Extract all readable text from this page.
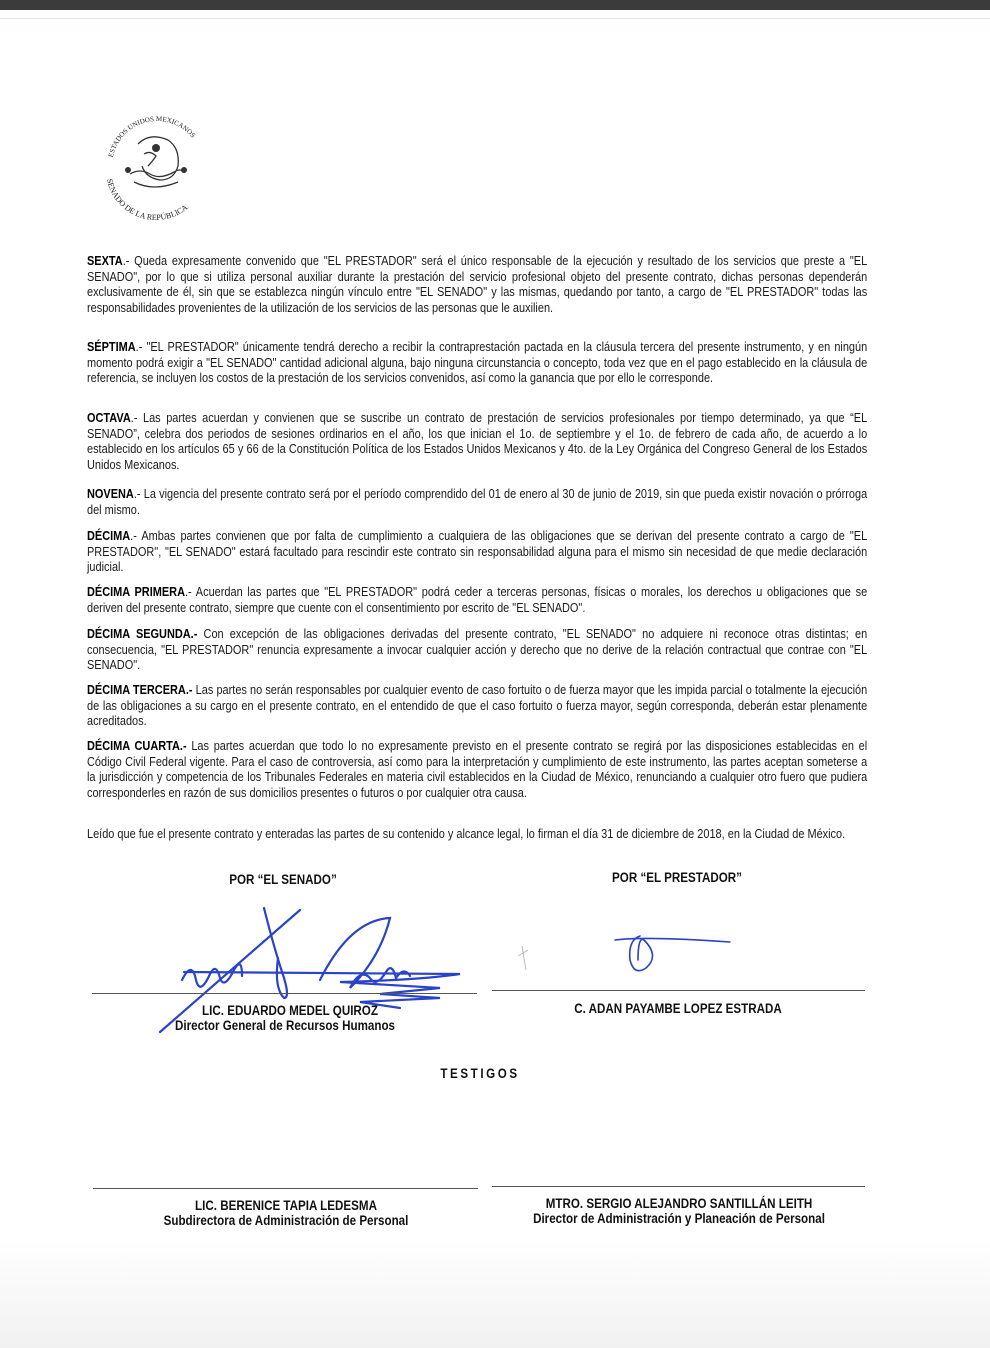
ESTADOS UNIDOS MEXICANOS
SENADO DE LA REPÚBLICA
SEXTA.- Queda expresamente convenido que "EL PRESTADOR" será el único responsable de la ejecución y resultado de los servicios que preste a "EL SENADO", por lo que si utiliza personal auxiliar durante la prestación del servicio profesional objeto del presente contrato, dichas personas dependerán exclusivamente de él, sin que se establezca ningún vínculo entre "EL SENADO" y las mismas, quedando por tanto, a cargo de "EL PRESTADOR" todas las responsabilidades provenientes de la utilización de los servicios de las personas que le auxilien.
SÉPTIMA.- "EL PRESTADOR" únicamente tendrá derecho a recibir la contraprestación pactada en la cláusula tercera del presente instrumento, y en ningún momento podrá exigir a "EL SENADO" cantidad adicional alguna, bajo ninguna circunstancia o concepto, toda vez que en el pago establecido en la cláusula de referencia, se incluyen los costos de la prestación de los servicios convenidos, así como la ganancia que por ello le corresponde.
OCTAVA.- Las partes acuerdan y convienen que se suscribe un contrato de prestación de servicios profesionales por tiempo determinado, ya que “EL SENADO”, celebra dos periodos de sesiones ordinarios en el año, los que inician el 1o. de septiembre y el 1o. de febrero de cada año, de acuerdo a lo establecido en los artículos 65 y 66 de la Constitución Política de los Estados Unidos Mexicanos y 4to. de la Ley Orgánica del Congreso General de los Estados Unidos Mexicanos.
NOVENA.- La vigencia del presente contrato será por el período comprendido del 01 de enero al 30 de junio de 2019, sin que pueda existir novación o prórroga del mismo.
DÉCIMA.- Ambas partes convienen que por falta de cumplimiento a cualquiera de las obligaciones que se derivan del presente contrato a cargo de "EL PRESTADOR", "EL SENADO" estará facultado para rescindir este contrato sin responsabilidad alguna para el mismo sin necesidad de que medie declaración judicial.
DÉCIMA PRIMERA.- Acuerdan las partes que "EL PRESTADOR" podrá ceder a terceras personas, físicas o morales, los derechos u obligaciones que se deriven del presente contrato, siempre que cuente con el consentimiento por escrito de "EL SENADO".
DÉCIMA SEGUNDA.- Con excepción de las obligaciones derivadas del presente contrato, "EL SENADO" no adquiere ni reconoce otras distintas; en consecuencia, "EL PRESTADOR" renuncia expresamente a invocar cualquier acción y derecho que no derive de la relación contractual que contrae con "EL SENADO".
DÉCIMA TERCERA.- Las partes no serán responsables por cualquier evento de caso fortuito o de fuerza mayor que les impida parcial o totalmente la ejecución de las obligaciones a su cargo en el presente contrato, en el entendido de que el caso fortuito o fuerza mayor, según corresponda, deberán estar plenamente acreditados.
DÉCIMA CUARTA.- Las partes acuerdan que todo lo no expresamente previsto en el presente contrato se regirá por las disposiciones establecidas en el Código Civil Federal vigente. Para el caso de controversia, así como para la interpretación y cumplimiento de este instrumento, las partes aceptan someterse a la jurisdicción y competencia de los Tribunales Federales en materia civil establecidos en la Ciudad de México, renunciando a cualquier otro fuero que pudiera corresponderles en razón de sus domicilios presentes o futuros o por cualquier otra causa.
Leído que fue el presente contrato y enteradas las partes de su contenido y alcance legal, lo firman el día 31 de diciembre de 2018, en la Ciudad de México.
POR “EL SENADO”	POR “EL PRESTADOR”
LIC. EDUARDO MEDEL QUIROZ
Director General de Recursos Humanos
C. ADAN PAYAMBE LOPEZ ESTRADA
TESTIGOS
LIC. BERENICE TAPIA LEDESMA
Subdirectora de Administración de Personal
MTRO. SERGIO ALEJANDRO SANTILLÁN LEITH
Director de Administración y Planeación de Personal
